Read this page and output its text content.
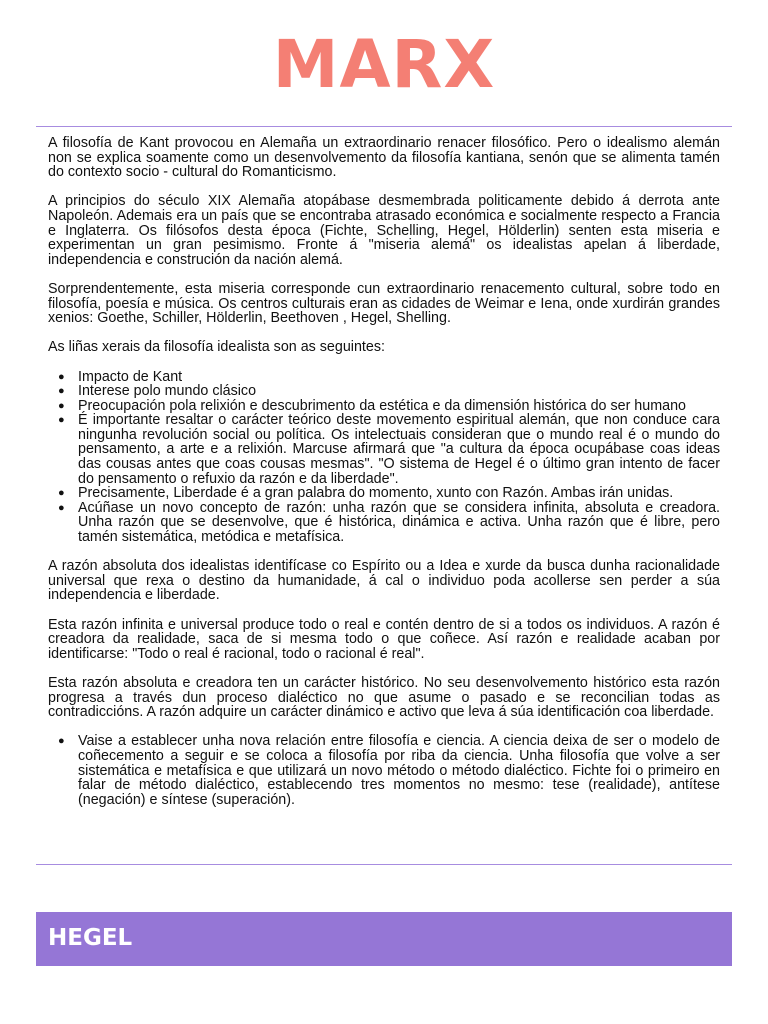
MARX

A filosofía de Kant provocou en Alemaña un extraordinario renacer filosófico. Pero o idealismo alemán non se explica soamente como un desenvolvemento da filosofía kantiana, senón que se alimenta tamén do contexto socio - cultural do Romanticismo.

A principios do século XIX Alemaña atopábase desmembrada politicamente debido á derrota ante Napoleón. Ademais era un país que se encontraba atrasado económica e socialmente respecto a Francia e Inglaterra. Os filósofos desta época (Fichte, Schelling, Hegel, Hölderlin) senten esta miseria e experimentan un gran pesimismo. Fronte á "miseria alemá" os idealistas apelan á liberdade, independencia e construción da nación alemá.

Sorprendentemente, esta miseria corresponde cun extraordinario renacemento cultural, sobre todo en filosofía, poesía e música. Os centros culturais eran as cidades de Weimar e Iena, onde xurdirán grandes xenios: Goethe, Schiller, Hölderlin, Beethoven , Hegel, Shelling.

As liñas xerais da filosofía idealista son as seguintes:

● Impacto de Kant
● Interese polo mundo clásico
● Preocupación pola relixión e descubrimento da estética e da dimensión histórica do ser humano
● É importante resaltar o carácter teórico deste movemento espiritual alemán, que non conduce cara ningunha revolución social ou política. Os intelectuais consideran que o mundo real é o mundo do pensamento, a arte e a relixión. Marcuse afirmará que "a cultura da época ocupábase coas ideas das cousas antes que coas cousas mesmas". "O sistema de Hegel é o último gran intento de facer do pensamento o refuxio da razón e da liberdade".
● Precisamente, Liberdade é a gran palabra do momento, xunto con Razón. Ambas irán unidas.
● Acúñase un novo concepto de razón: unha razón que se considera infinita, absoluta e creadora. Unha razón que se desenvolve, que é histórica, dinámica e activa. Unha razón que é libre, pero tamén sistemática, metódica e metafísica.

A razón absoluta dos idealistas identifícase co Espírito ou a Idea e xurde da busca dunha racionalidade universal que rexa o destino da humanidade, á cal o individuo poda acollerse sen perder a súa independencia e liberdade.

Esta razón infinita e universal produce todo o real e contén dentro de si a todos os individuos. A razón é creadora da realidade, saca de si mesma todo o que coñece. Así razón e realidade acaban por identificarse: "Todo o real é racional, todo o racional é real".

Esta razón absoluta e creadora ten un carácter histórico. No seu desenvolvemento histórico esta razón progresa a través dun proceso dialéctico no que asume o pasado e se reconcilian todas as contradiccións. A razón adquire un carácter dinámico e activo que leva á súa identificación coa liberdade.

● Vaise a establecer unha nova relación entre filosofía e ciencia. A ciencia deixa de ser o modelo de coñecemento a seguir e se coloca a filosofía por riba da ciencia. Unha filosofía que volve a ser sistemática e metafísica e que utilizará un novo método o método dialéctico. Fichte foi o primeiro en falar de método dialéctico, establecendo tres momentos no mesmo: tese (realidade), antítese (negación) e síntese (superación).
HEGEL
